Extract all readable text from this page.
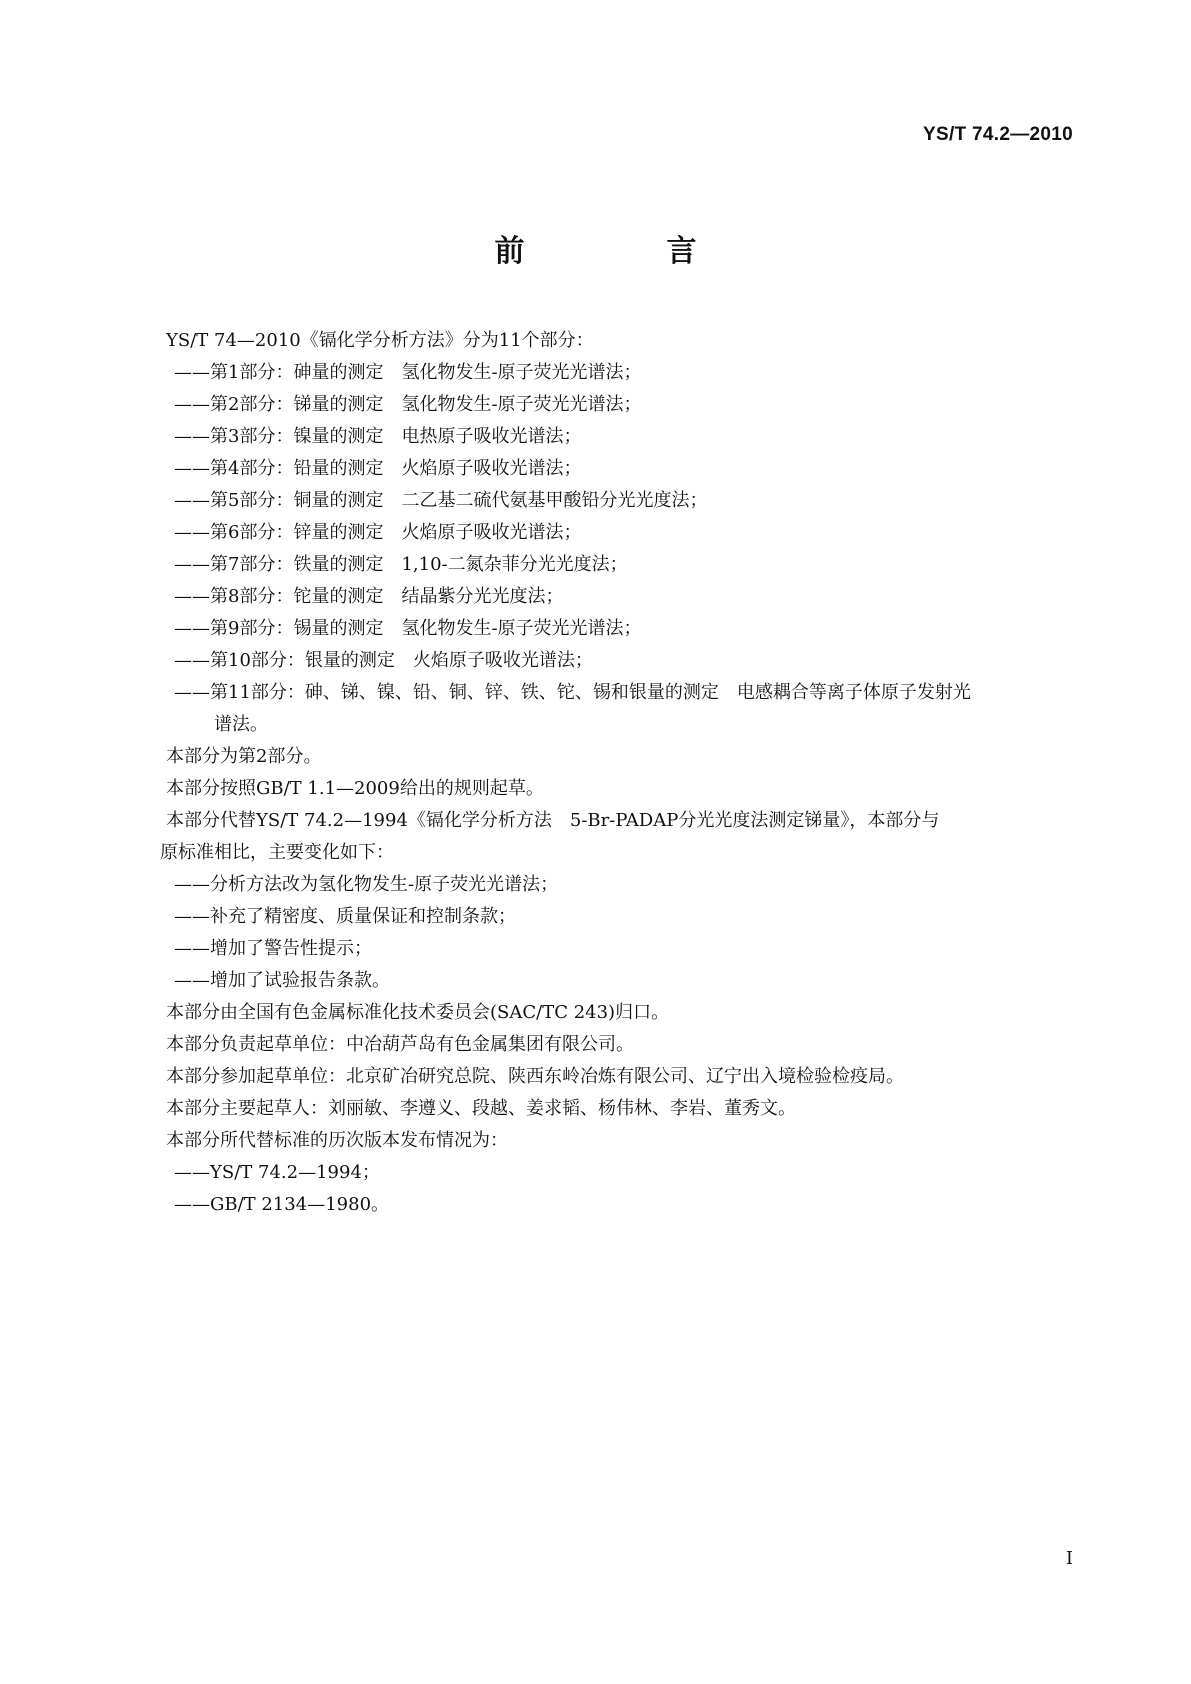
YS/T 74.2—2010
前　言

YS/T 74—2010《镉化学分析方法》分为11个部分：

——第1部分：砷量的测定　氢化物发生-原子荧光光谱法；

——第2部分：锑量的测定　氢化物发生-原子荧光光谱法；

——第3部分：镍量的测定　电热原子吸收光谱法；

——第4部分：铅量的测定　火焰原子吸收光谱法；

——第5部分：铜量的测定　二乙基二硫代氨基甲酸铅分光光度法；

——第6部分：锌量的测定　火焰原子吸收光谱法；

——第7部分：铁量的测定　1,10-二氮杂菲分光光度法；

——第8部分：铊量的测定　结晶紫分光光度法；

——第9部分：锡量的测定　氢化物发生-原子荧光光谱法；

——第10部分：银量的测定　火焰原子吸收光谱法；

——第11部分：砷、锑、镍、铅、铜、锌、铁、铊、锡和银量的测定　电感耦合等离子体原子发射光

谱法。

本部分为第2部分。

本部分按照GB/T 1.1—2009给出的规则起草。

本部分代替YS/T 74.2—1994《镉化学分析方法　5-Br-PADAP分光光度法测定锑量》，本部分与

原标准相比，主要变化如下：

——分析方法改为氢化物发生-原子荧光光谱法；

——补充了精密度、质量保证和控制条款；

——增加了警告性提示；

——增加了试验报告条款。

本部分由全国有色金属标准化技术委员会(SAC/TC 243)归口。

本部分负责起草单位：中冶葫芦岛有色金属集团有限公司。

本部分参加起草单位：北京矿冶研究总院、陕西东岭冶炼有限公司、辽宁出入境检验检疫局。

本部分主要起草人：刘丽敏、李遵义、段越、姜求韬、杨伟林、李岩、董秀文。

本部分所代替标准的历次版本发布情况为：

——YS/T 74.2—1994；

——GB/T 2134—1980。

I
